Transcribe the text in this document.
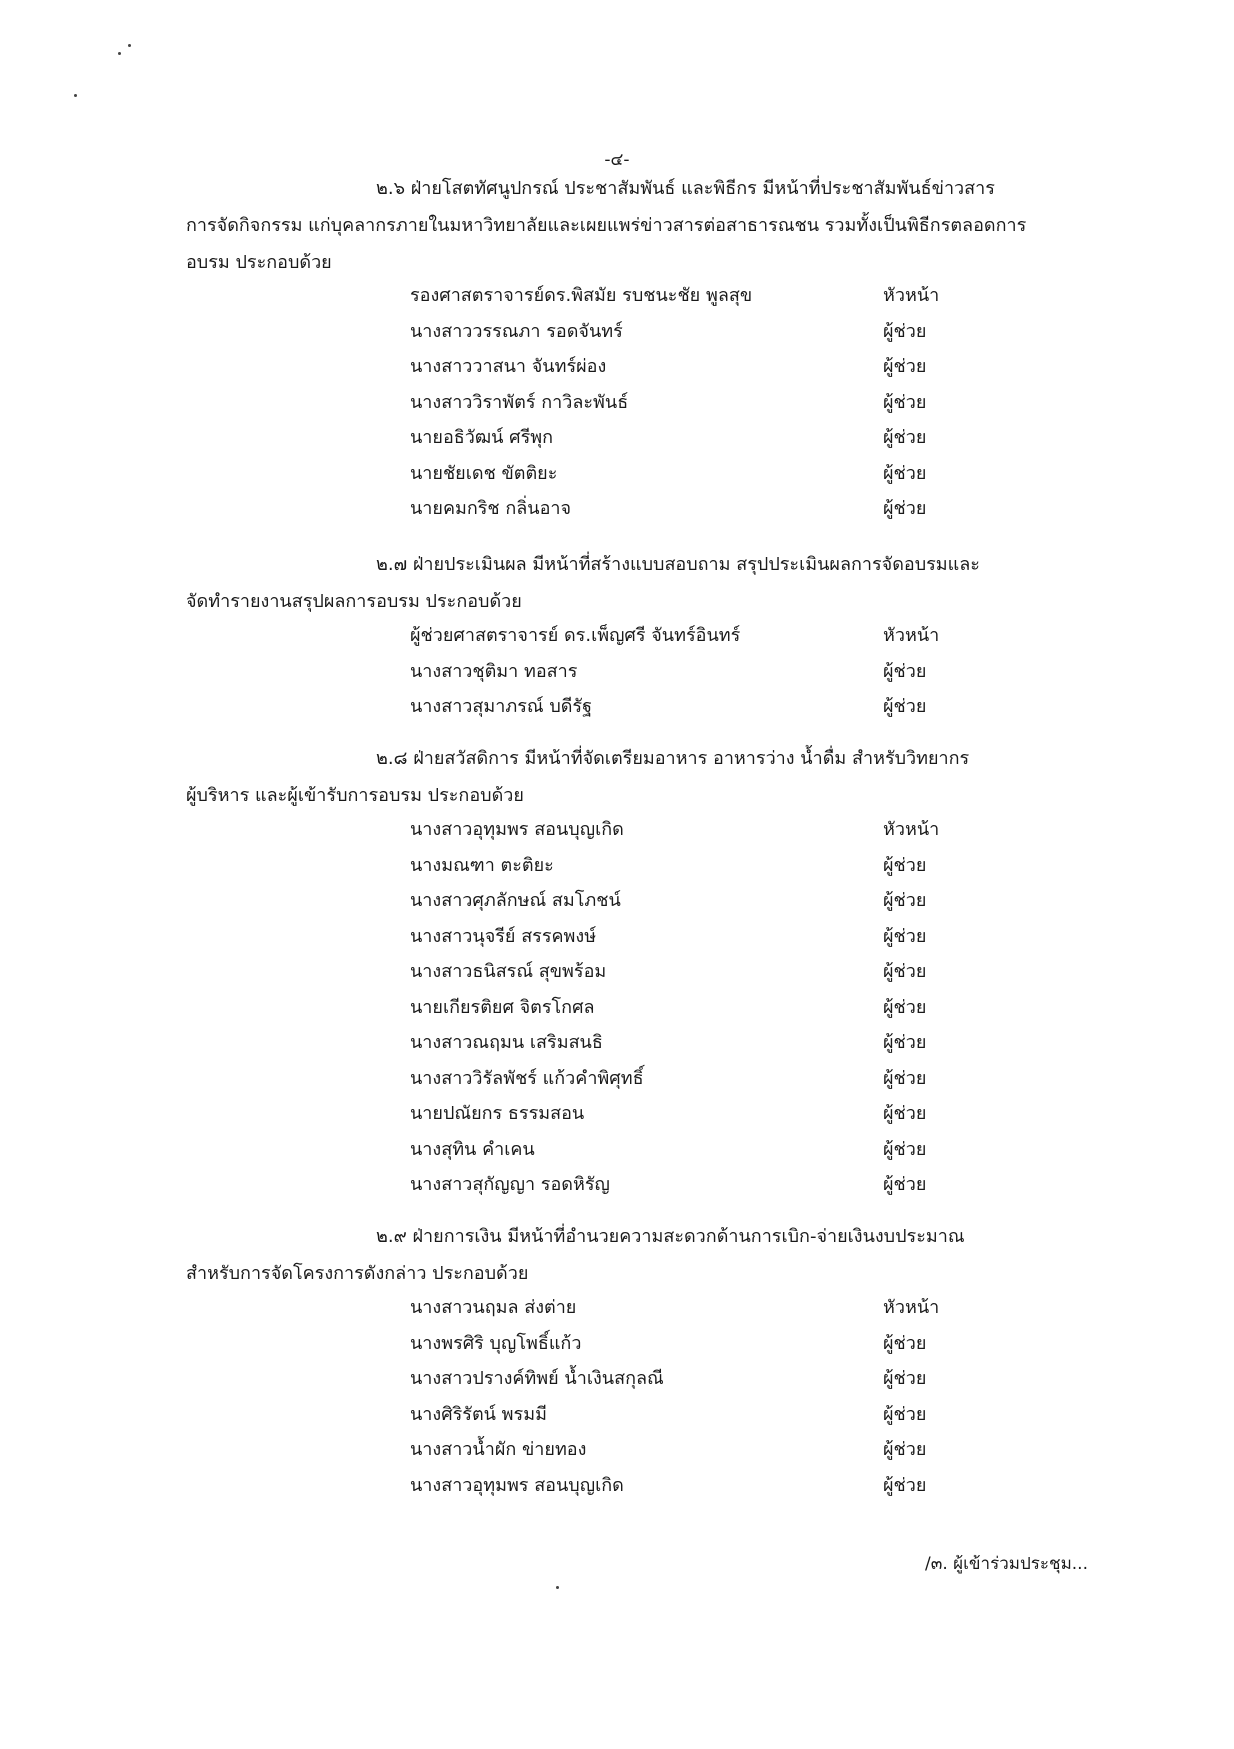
-๔-
๒.๖ ฝ่ายโสตทัศนูปกรณ์ ประชาสัมพันธ์ และพิธีกร มีหน้าที่ประชาสัมพันธ์ข่าวสาร
การจัดกิจกรรม แก่บุคลากรภายในมหาวิทยาลัยและเผยแพร่ข่าวสารต่อสาธารณชน รวมทั้งเป็นพิธีกรตลอดการอบรม ประกอบด้วย
รองศาสตราจารย์ดร.พิสมัย รบชนะชัย พูลสุข	หัวหน้า
นางสาววรรณภา รอดจันทร์	ผู้ช่วย
นางสาววาสนา จันทร์ผ่อง	ผู้ช่วย
นางสาววิราพัตร์ กาวิละพันธ์	ผู้ช่วย
นายอธิวัฒน์ ศรีพุก	ผู้ช่วย
นายชัยเดช ขัตติยะ	ผู้ช่วย
นายคมกริช กลิ่นอาจ	ผู้ช่วย
๒.๗ ฝ่ายประเมินผล มีหน้าที่สร้างแบบสอบถาม สรุปประเมินผลการจัดอบรมและ
จัดทำรายงานสรุปผลการอบรม ประกอบด้วย
ผู้ช่วยศาสตราจารย์ ดร.เพ็ญศรี จันทร์อินทร์	หัวหน้า
นางสาวชุติมา ทอสาร	ผู้ช่วย
นางสาวสุมาภรณ์ บดีรัฐ	ผู้ช่วย
๒.๘ ฝ่ายสวัสดิการ มีหน้าที่จัดเตรียมอาหาร อาหารว่าง น้ำดื่ม สำหรับวิทยากร
ผู้บริหาร และผู้เข้ารับการอบรม ประกอบด้วย
นางสาวอุทุมพร สอนบุญเกิด	หัวหน้า
นางมณฑา ตะติยะ	ผู้ช่วย
นางสาวศุภลักษณ์ สมโภชน์	ผู้ช่วย
นางสาวนุจรีย์ สรรคพงษ์	ผู้ช่วย
นางสาวธนิสรณ์ สุขพร้อม	ผู้ช่วย
นายเกียรติยศ จิตรโกศล	ผู้ช่วย
นางสาวณฤมน เสริมสนธิ	ผู้ช่วย
นางสาววิรัลพัชร์ แก้วคำพิศุทธิ์	ผู้ช่วย
นายปณัยกร ธรรมสอน	ผู้ช่วย
นางสุทิน คำเคน	ผู้ช่วย
นางสาวสุกัญญา รอดหิรัญ	ผู้ช่วย
๒.๙ ฝ่ายการเงิน มีหน้าที่อำนวยความสะดวกด้านการเบิก-จ่ายเงินงบประมาณ
สำหรับการจัดโครงการดังกล่าว ประกอบด้วย
นางสาวนฤมล ส่งต่าย	หัวหน้า
นางพรศิริ บุญโพธิ์แก้ว	ผู้ช่วย
นางสาวปรางค์ทิพย์ น้ำเงินสกุลณี	ผู้ช่วย
นางศิริรัตน์ พรมมี	ผู้ช่วย
นางสาวน้ำผัก ข่ายทอง	ผู้ช่วย
นางสาวอุทุมพร สอนบุญเกิด	ผู้ช่วย
/๓. ผู้เข้าร่วมประชุม...
